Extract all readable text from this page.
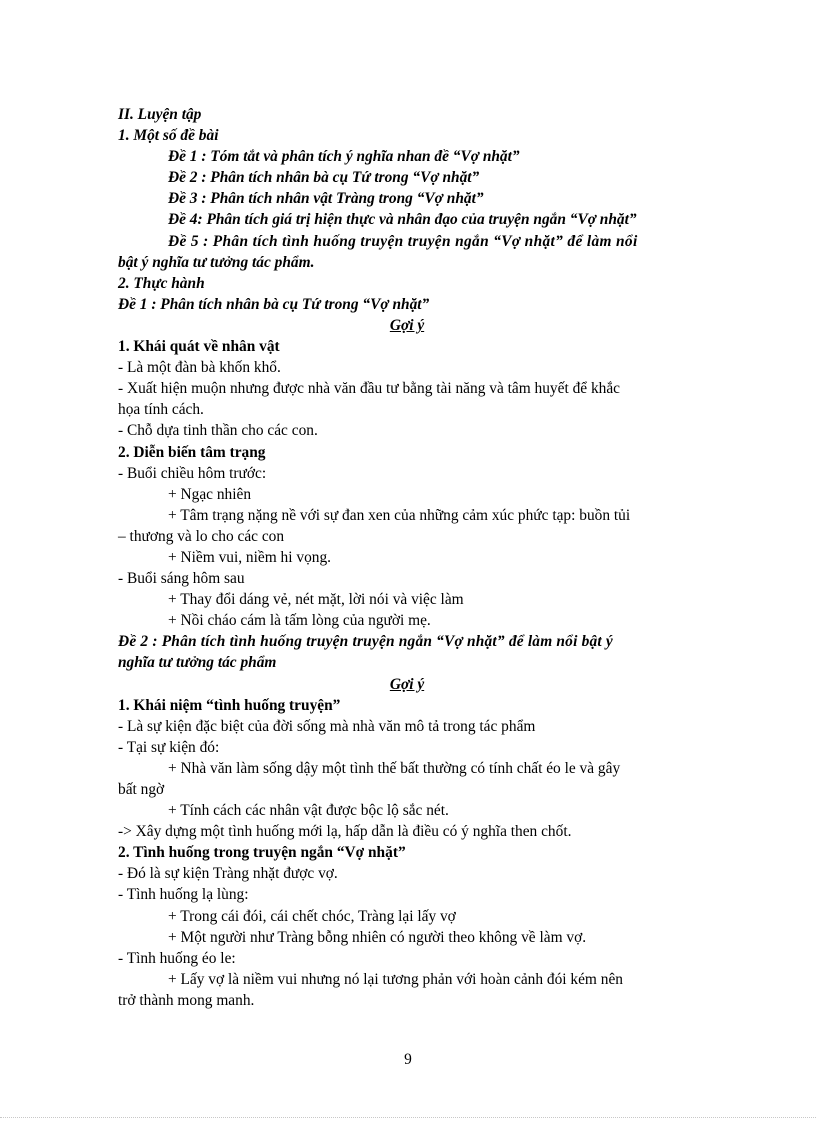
II. Luyện tập
1. Một số đề bài
Đề 1 : Tóm tắt và phân tích ý nghĩa nhan đề “Vợ nhặt”
Đề 2 : Phân tích nhân bà cụ Tứ trong “Vợ nhặt”
Đề 3 : Phân tích nhân vật Tràng trong “Vợ nhặt”
Đề 4: Phân tích giá trị hiện thực và nhân đạo của truyện ngắn “Vợ nhặt”
Đề 5 : Phân tích tình huống truyện truyện ngắn “Vợ nhặt” để làm nổi
bật ý nghĩa tư tưởng tác phẩm.
2. Thực hành
Đề 1 : Phân tích nhân bà cụ Tứ trong “Vợ nhặt”
Gợi ý
1. Khái quát về nhân vật
- Là một đàn bà khốn khổ.
- Xuất hiện muộn nhưng được nhà văn đầu tư bằng tài năng và tâm huyết để khắc
họa tính cách.
- Chỗ dựa tinh thần cho các con.
2. Diễn biến tâm trạng
- Buổi chiều hôm trước:
+ Ngạc nhiên
+ Tâm trạng nặng nề với sự đan xen của những cảm xúc phức tạp: buồn tủi
– thương và lo cho các con
+ Niềm vui, niềm hi vọng.
- Buổi sáng hôm sau
+ Thay đổi dáng vẻ, nét mặt, lời nói và việc làm
+ Nồi cháo cám là tấm lòng của người mẹ.
Đề 2 : Phân tích tình huống truyện truyện ngắn “Vợ nhặt” để làm nổi bật ý
nghĩa tư tưởng tác phẩm
Gợi ý
1. Khái niệm “tình huống truyện”
- Là sự kiện đặc biệt của đời sống mà nhà văn mô tả trong tác phẩm
- Tại sự kiện đó:
+ Nhà văn làm sống dậy một tình thế bất thường có tính chất éo le và gây
bất ngờ
+ Tính cách các nhân vật được bộc lộ sắc nét.
-> Xây dựng một tình huống mới lạ, hấp dẫn là điều có ý nghĩa then chốt.
2. Tình huống trong truyện ngắn “Vợ nhặt”
- Đó là sự kiện Tràng nhặt được vợ.
- Tình huống lạ lùng:
+ Trong cái đói, cái chết chóc, Tràng lại lấy vợ
+ Một người như Tràng bỗng nhiên có người theo không về làm vợ.
- Tình huống éo le:
+ Lấy vợ là niềm vui nhưng nó lại tương phản với hoàn cảnh đói kém nên
trở thành mong manh.
9
